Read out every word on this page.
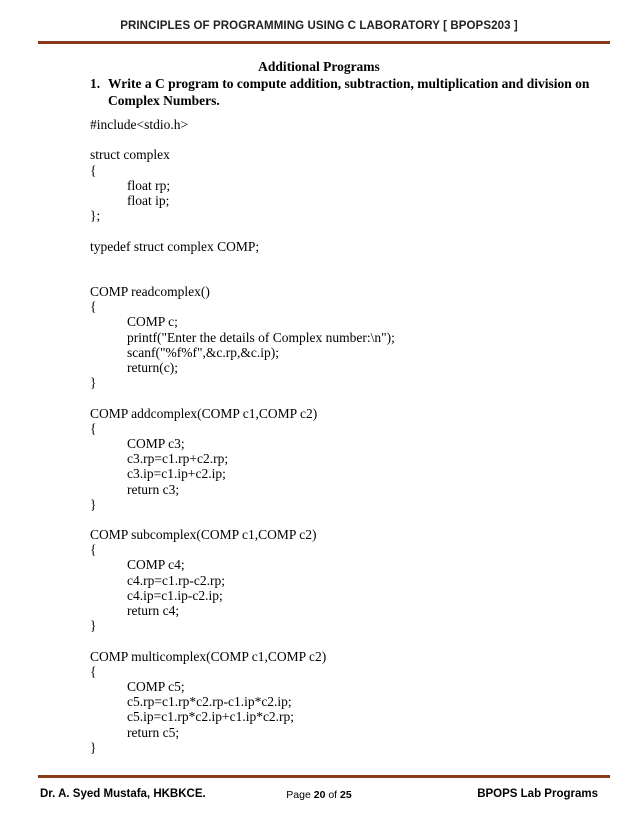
PRINCIPLES OF PROGRAMMING USING C LABORATORY [ BPOPS203 ]
Additional Programs
1. Write a C program to compute addition, subtraction, multiplication and division on
Complex Numbers.
#include<stdio.h>
struct complex
{
float rp;
float ip;
};
typedef struct complex COMP;
COMP readcomplex()
{
COMP c;
printf("Enter the details of Complex number:\n");
scanf("%f%f",&c.rp,&c.ip);
return(c);
}
COMP addcomplex(COMP c1,COMP c2)
{
COMP c3;
c3.rp=c1.rp+c2.rp;
c3.ip=c1.ip+c2.ip;
return c3;
}
COMP subcomplex(COMP c1,COMP c2)
{
COMP c4;
c4.rp=c1.rp-c2.rp;
c4.ip=c1.ip-c2.ip;
return c4;
}
COMP multicomplex(COMP c1,COMP c2)
{
COMP c5;
c5.rp=c1.rp*c2.rp-c1.ip*c2.ip;
c5.ip=c1.rp*c2.ip+c1.ip*c2.rp;
return c5;
}
Dr. A. Syed Mustafa, HKBKCE.	Page 20 of 25	BPOPS Lab Programs
